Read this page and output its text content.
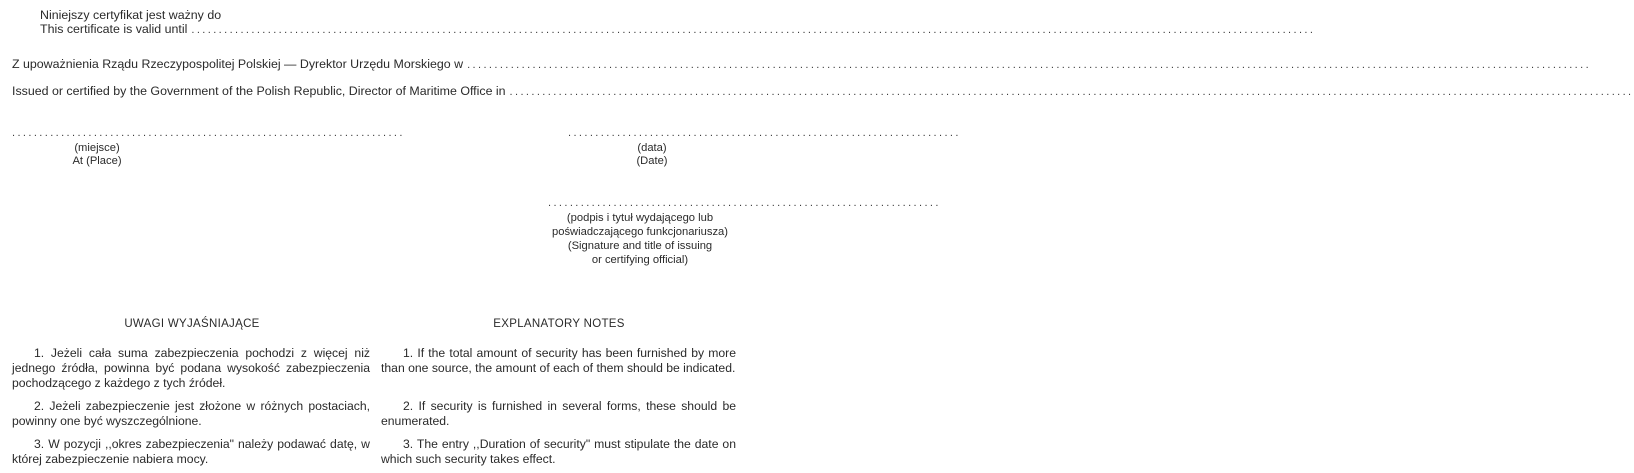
Niniejszy certyfikat jest ważny do
This certificate is valid until ..............................................................................................................................................................................................................
Z upoważnienia Rządu Rzeczypospolitej Polskiej — Dyrektor Urzędu Morskiego w ..............................................................................................................................................................................................................
Issued or certified by the Government of the Polish Republic, Director of Maritime Office in ..............................................................................................................................................................................................................
........................................................................
(miejsce)
At (Place)
........................................................................
(data)
(Date)
........................................................................
(podpis i tytuł wydającego lub
poświadczającego funkcjonariusza)
(Signature and title of issuing
or certifying official)
UWAGI WYJAŚNIAJĄCE
1. Jeżeli cała suma zabezpieczenia pochodzi z więcej niż jednego źródła, powinna być podana wysokość zabezpieczenia pochodzącego z każdego z tych źródeł.
2. Jeżeli zabezpieczenie jest złożone w różnych postaciach, powinny one być wyszczególnione.
3. W pozycji ,,okres zabezpieczenia" należy podawać datę, w której zabezpieczenie nabiera mocy.
EXPLANATORY NOTES
1. If the total amount of security has been furnished by more than one source, the amount of each of them should be indicated.
2. If security is furnished in several forms, these should be enumerated.
3. The entry ,,Duration of security" must stipulate the date on which such security takes effect.
